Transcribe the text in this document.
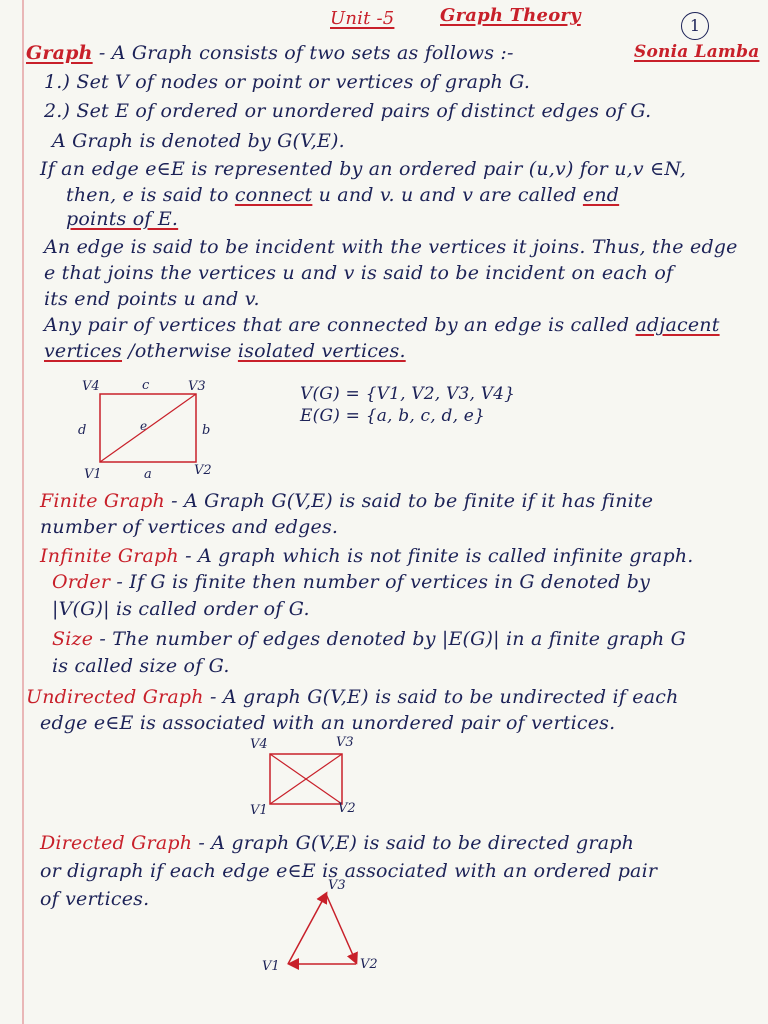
Unit -5	Graph Theory	1
Sonia Lamba
Graph - A Graph consists of two sets as follows :-
1.) Set V of nodes or point or vertices of graph G.
2.) Set E of ordered or unordered pairs of distinct edges of G.
A Graph is denoted by G(V,E).
If an edge e∈E is represented by an ordered pair (u,v) for u,v ∈N,
then, e is said to connect u and v. u and v are called end
points of E.
An edge is said to be incident with the vertices it joins. Thus, the edge
e that joins the vertices u and v is said to be incident on each of
its end points u and v.
Any pair of vertices that are connected by an edge is called adjacent
vertices /otherwise isolated vertices.
V4	V3
V1	V2
c
d	e	b
a
V(G) = {V1, V2, V3, V4}
E(G) = {a, b, c, d, e}
Finite Graph - A Graph G(V,E) is said to be finite if it has finite
number of vertices and edges.
Infinite Graph - A graph which is not finite is called infinite graph.
Order - If G is finite then number of vertices in G denoted by
|V(G)| is called order of G.
Size - The number of edges denoted by |E(G)| in a finite graph G
is called size of G.
Undirected Graph - A graph G(V,E) is said to be undirected if each
edge e∈E is associated with an unordered pair of vertices.
V4	V3
V1	V2
Directed Graph - A graph G(V,E) is said to be directed graph
or digraph if each edge e∈E is associated with an ordered pair
of vertices.
V3
V1	V2
